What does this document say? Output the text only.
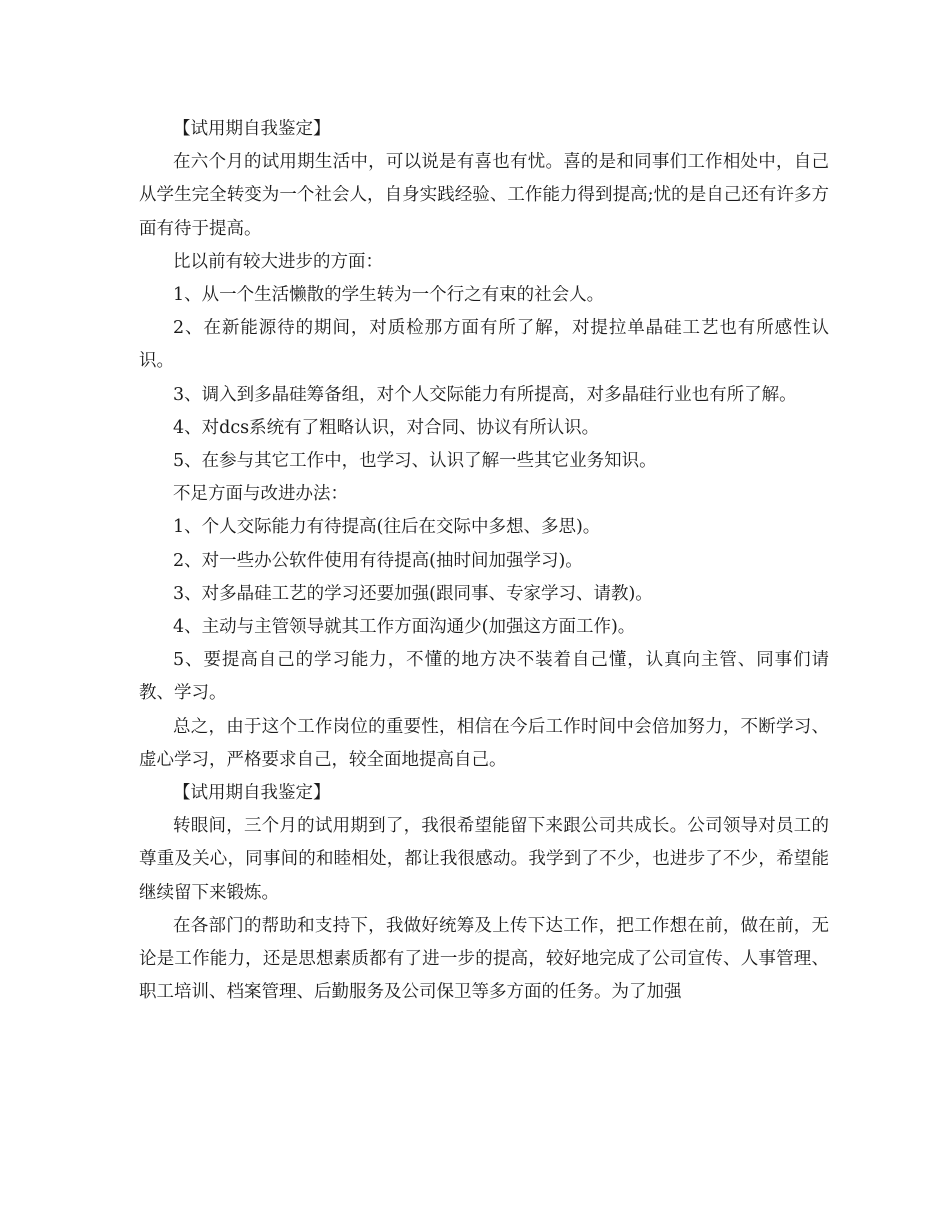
【试用期自我鉴定】

在六个月的试用期生活中，可以说是有喜也有忧。喜的是和同事们工作相处中，自己从学生完全转变为一个社会人，自身实践经验、工作能力得到提高;忧的是自己还有许多方面有待于提高。

比以前有较大进步的方面：

1、从一个生活懒散的学生转为一个行之有束的社会人。

2、在新能源待的期间，对质检那方面有所了解，对提拉单晶硅工艺也有所感性认识。

3、调入到多晶硅筹备组，对个人交际能力有所提高，对多晶硅行业也有所了解。

4、对dcs系统有了粗略认识，对合同、协议有所认识。

5、在参与其它工作中，也学习、认识了解一些其它业务知识。

不足方面与改进办法：

1、个人交际能力有待提高(往后在交际中多想、多思)。

2、对一些办公软件使用有待提高(抽时间加强学习)。

3、对多晶硅工艺的学习还要加强(跟同事、专家学习、请教)。

4、主动与主管领导就其工作方面沟通少(加强这方面工作)。

5、要提高自己的学习能力，不懂的地方决不装着自己懂，认真向主管、同事们请教、学习。

总之，由于这个工作岗位的重要性，相信在今后工作时间中会倍加努力，不断学习、虚心学习，严格要求自己，较全面地提高自己。

【试用期自我鉴定】

转眼间，三个月的试用期到了，我很希望能留下来跟公司共成长。公司领导对员工的尊重及关心，同事间的和睦相处，都让我很感动。我学到了不少，也进步了不少，希望能继续留下来锻炼。

在各部门的帮助和支持下，我做好统筹及上传下达工作，把工作想在前，做在前，无论是工作能力，还是思想素质都有了进一步的提高，较好地完成了公司宣传、人事管理、职工培训、档案管理、后勤服务及公司保卫等多方面的任务。为了加强
